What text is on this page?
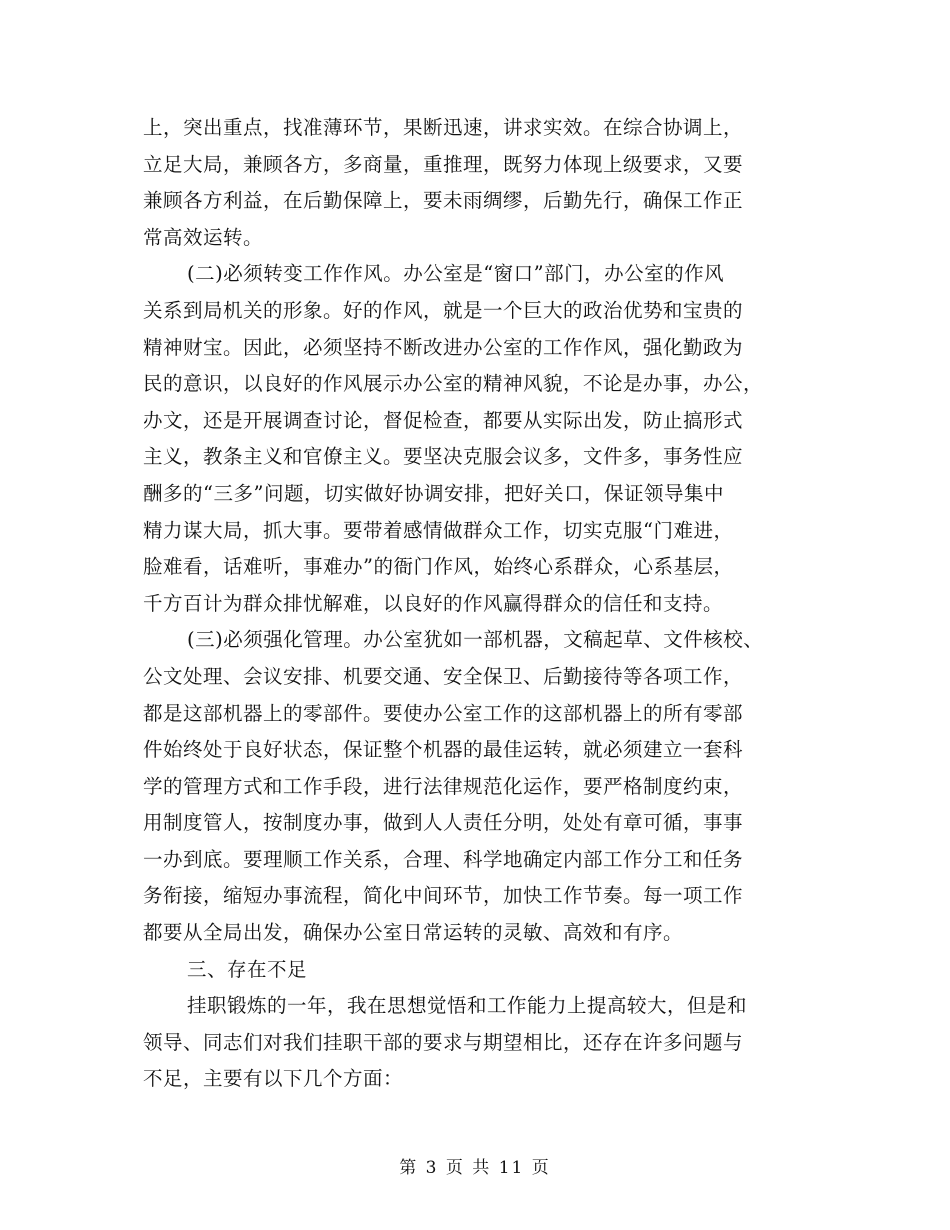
上，突出重点，找准薄环节，果断迅速，讲求实效。在综合协调上，
立足大局，兼顾各方，多商量，重推理，既努力体现上级要求，又要
兼顾各方利益，在后勤保障上，要未雨绸缪，后勤先行，确保工作正
常高效运转。
(二)必须转变工作作风。办公室是“窗口”部门，办公室的作风
关系到局机关的形象。好的作风，就是一个巨大的政治优势和宝贵的
精神财宝。因此，必须坚持不断改进办公室的工作作风，强化勤政为
民的意识，以良好的作风展示办公室的精神风貌，不论是办事，办公，
办文，还是开展调查讨论，督促检查，都要从实际出发，防止搞形式
主义，教条主义和官僚主义。要坚决克服会议多，文件多，事务性应
酬多的“三多”问题，切实做好协调安排，把好关口，保证领导集中
精力谋大局，抓大事。要带着感情做群众工作，切实克服“门难进，
脸难看，话难听，事难办”的衙门作风，始终心系群众，心系基层，
千方百计为群众排忧解难，以良好的作风赢得群众的信任和支持。
(三)必须强化管理。办公室犹如一部机器，文稿起草、文件核校、
公文处理、会议安排、机要交通、安全保卫、后勤接待等各项工作，
都是这部机器上的零部件。要使办公室工作的这部机器上的所有零部
件始终处于良好状态，保证整个机器的最佳运转，就必须建立一套科
学的管理方式和工作手段，进行法律规范化运作，要严格制度约束，
用制度管人，按制度办事，做到人人责任分明，处处有章可循，事事
一办到底。要理顺工作关系，合理、科学地确定内部工作分工和任务
务衔接，缩短办事流程，简化中间环节，加快工作节奏。每一项工作
都要从全局出发，确保办公室日常运转的灵敏、高效和有序。
三、存在不足
挂职锻炼的一年，我在思想觉悟和工作能力上提高较大，但是和
领导、同志们对我们挂职干部的要求与期望相比，还存在许多问题与
不足，主要有以下几个方面：
第 3 页 共 11 页
